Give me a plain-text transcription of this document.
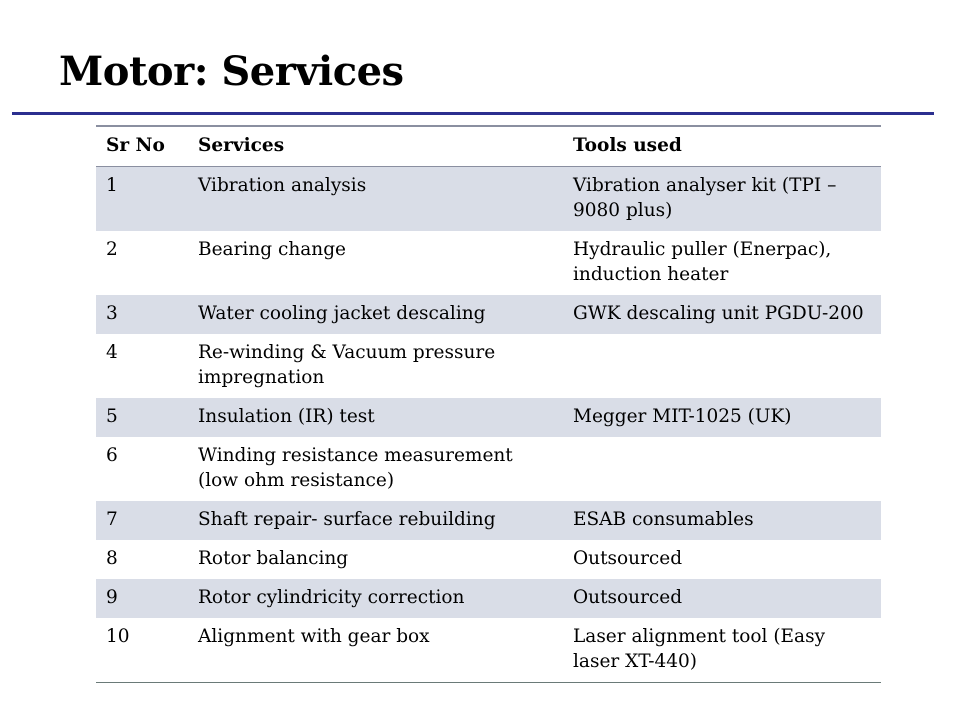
Motor: Services
Sr No	Services	Tools used
1	Vibration analysis	Vibration analyser kit (TPI – 9080 plus)
2	Bearing change	Hydraulic puller (Enerpac), induction heater
3	Water cooling jacket descaling	GWK descaling unit PGDU-200
4	Re-winding & Vacuum pressure impregnation	
5	Insulation (IR) test	Megger MIT-1025 (UK)
6	Winding resistance measurement (low ohm resistance)	
7	Shaft repair- surface rebuilding	ESAB consumables
8	Rotor balancing	Outsourced
9	Rotor cylindricity correction	Outsourced
10	Alignment with gear box	Laser alignment tool (Easy laser XT-440)
